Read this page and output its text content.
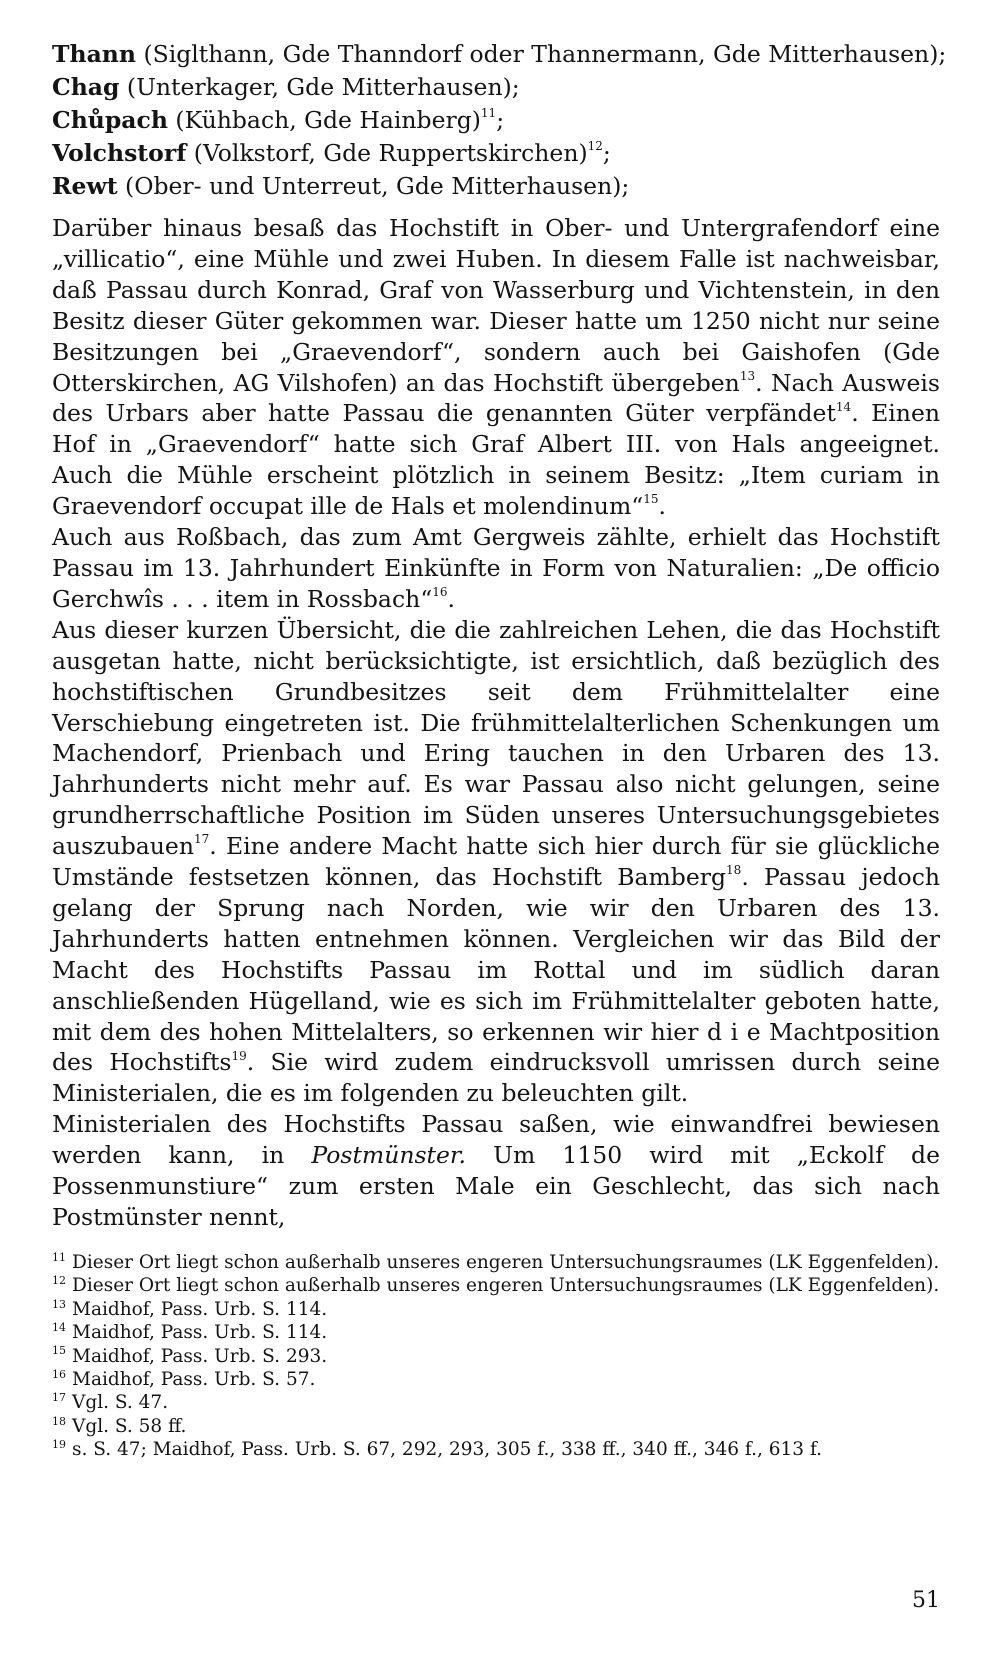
Thann (Siglthann, Gde Thanndorf oder Thannermann, Gde Mitterhausen);
Chag (Unterkager, Gde Mitterhausen);
Chůpach (Kühbach, Gde Hainberg)$^{11}$;
Volchstorf (Volkstorf, Gde Ruppertskirchen)$^{12}$;
Rewt (Ober- und Unterreut, Gde Mitterhausen);

Darüber hinaus besaß das Hochstift in Ober- und Untergrafendorf eine „villicatio“, eine Mühle und zwei Huben. In diesem Falle ist nachweisbar, daß Passau durch Konrad, Graf von Wasserburg und Vichtenstein, in den Besitz dieser Güter gekommen war. Dieser hatte um 1250 nicht nur seine Besitzungen bei „Graevendorf“, sondern auch bei Gaishofen (Gde Otterskirchen, AG Vilshofen) an das Hochstift übergeben$^{13}$. Nach Ausweis des Urbars aber hatte Passau die genannten Güter verpfändet$^{14}$. Einen Hof in „Graevendorf“ hatte sich Graf Albert III. von Hals angeeignet. Auch die Mühle erscheint plötzlich in seinem Besitz: „Item curiam in Graevendorf occupat ille de Hals et molendinum“$^{15}$.

Auch aus Roßbach, das zum Amt Gergweis zählte, erhielt das Hochstift Passau im 13. Jahrhundert Einkünfte in Form von Naturalien: „De officio Gerchwîs . . . item in Rossbach“$^{16}$.

Aus dieser kurzen Übersicht, die die zahlreichen Lehen, die das Hochstift ausgetan hatte, nicht berücksichtigte, ist ersichtlich, daß bezüglich des hochstiftischen Grundbesitzes seit dem Frühmittelalter eine Verschiebung eingetreten ist. Die frühmittelalterlichen Schenkungen um Machendorf, Prienbach und Ering tauchen in den Urbaren des 13. Jahrhunderts nicht mehr auf. Es war Passau also nicht gelungen, seine grundherrschaftliche Position im Süden unseres Untersuchungsgebietes auszubauen$^{17}$. Eine andere Macht hatte sich hier durch für sie glückliche Umstände festsetzen können, das Hochstift Bamberg$^{18}$. Passau jedoch gelang der Sprung nach Norden, wie wir den Urbaren des 13. Jahrhunderts hatten entnehmen können. Vergleichen wir das Bild der Macht des Hochstifts Passau im Rottal und im südlich daran anschließenden Hügelland, wie es sich im Frühmittelalter geboten hatte, mit dem des hohen Mittelalters, so erkennen wir hier d i e Machtposition des Hochstifts$^{19}$. Sie wird zudem eindrucksvoll umrissen durch seine Ministerialen, die es im folgenden zu beleuchten gilt.

Ministerialen des Hochstifts Passau saßen, wie einwandfrei bewiesen werden kann, in Postmünster. Um 1150 wird mit „Eckolf de Possenmunstiure“ zum ersten Male ein Geschlecht, das sich nach Postmünster nennt,

$^{11}$ Dieser Ort liegt schon außerhalb unseres engeren Untersuchungsraumes (LK Eggenfelden).
$^{12}$ Dieser Ort liegt schon außerhalb unseres engeren Untersuchungsraumes (LK Eggenfelden).
$^{13}$ Maidhof, Pass. Urb. S. 114.
$^{14}$ Maidhof, Pass. Urb. S. 114.
$^{15}$ Maidhof, Pass. Urb. S. 293.
$^{16}$ Maidhof, Pass. Urb. S. 57.
$^{17}$ Vgl. S. 47.
$^{18}$ Vgl. S. 58 ff.
$^{19}$ s. S. 47; Maidhof, Pass. Urb. S. 67, 292, 293, 305 f., 338 ff., 340 ff., 346 f., 613 f.
51
